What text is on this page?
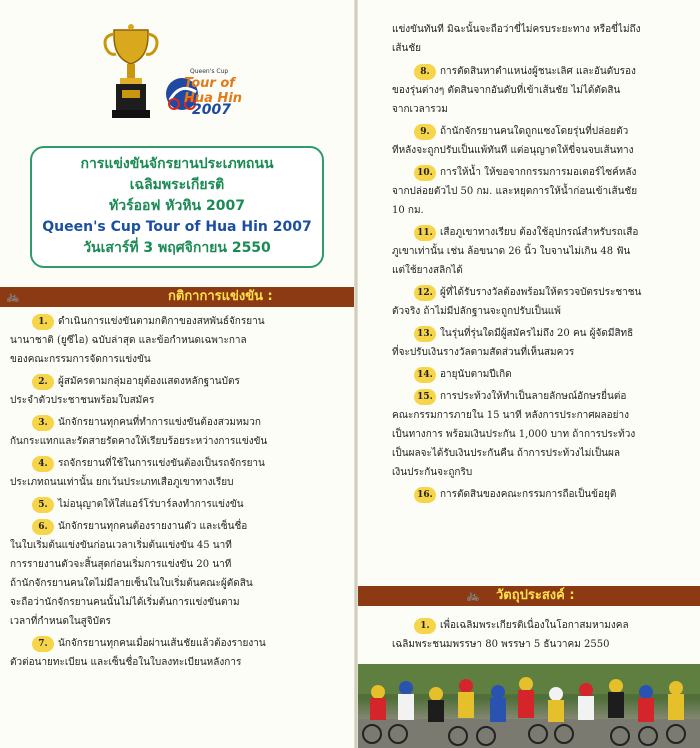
Queen's Cup
Tour of Hua Hin
2007
การแข่งขันจักรยานประเภทถนน
เฉลิมพระเกียรติ
ทัวร์ออฟ หัวหิน 2007
Queen's Cup Tour of Hua Hin 2007
วันเสาร์ที่ 3 พฤศจิกายน 2550
🚲	กติกาการแข่งขัน :
1. ดำเนินการแข่งขันตามกติกาของสหพันธ์จักรยาน
นานาชาติ (ยูซีไอ) ฉบับล่าสุด และข้อกำหนดเฉพาะกาล
ของคณะกรรมการจัดการแข่งขัน
2. ผู้สมัครตามกลุ่มอายุต้องแสดงหลักฐานบัตร
ประจำตัวประชาชนพร้อมใบสมัคร
3. นักจักรยานทุกคนที่ทำการแข่งขันต้องสวมหมวก
กันกระแทกและรัดสายรัดคางให้เรียบร้อยระหว่างการแข่งขัน
4. รถจักรยานที่ใช้ในการแข่งขันต้องเป็นรถจักรยาน
ประเภทถนนเท่านั้น ยกเว้นประเภทเสือภูเขาทางเรียบ
5. ไม่อนุญาตให้ใส่แอร์โร่บาร์ลงทำการแข่งขัน
6. นักจักรยานทุกคนต้องรายงานตัว และเซ็นชื่อ
ในใบเริ่มต้นแข่งขันก่อนเวลาเริ่มต้นแข่งขัน 45 นาที
การรายงานตัวจะสิ้นสุดก่อนเริ่มการแข่งขัน 20 นาที
ถ้านักจักรยานคนใดไม่มีลายเซ็นในใบเริ่มต้นคณะผู้ตัดสิน
จะถือว่านักจักรยานคนนั้นไม่ได้เริ่มต้นการแข่งขันตาม
เวลาที่กำหนดในสูจิบัตร
7. นักจักรยานทุกคนเมื่อผ่านเส้นชัยแล้วต้องรายงาน
ตัวต่อนายทะเบียน และเซ็นชื่อในใบลงทะเบียนหลังการ
แข่งขันทันที มิฉะนั้นจะถือว่าขี่ไม่ครบระยะทาง หรือขี่ไม่ถึง
เส้นชัย
8. การตัดสินหาตำแหน่งผู้ชนะเลิศ และอันดับรอง
ของรุ่นต่างๆ ตัดสินจากอันดับที่เข้าเส้นชัย ไม่ได้ตัดสิน
จากเวลารวม
9. ถ้านักจักรยานคนใดถูกแซงโดยรุ่นที่ปล่อยตัว
ทีหลังจะถูกปรับเป็นแพ้ทันที แต่อนุญาตให้ขี่จนจบเส้นทาง
10. การให้น้ำ ให้ขอจากกรรมการมอเตอร์ไซค์หลัง
จากปล่อยตัวไป 50 กม. และหยุดการให้น้ำก่อนเข้าเส้นชัย
10 กม.
11. เสือภูเขาทางเรียบ ต้องใช้อุปกรณ์สำหรับรถเสือ
ภูเขาเท่านั้น เช่น ล้อขนาด 26 นิ้ว ใบจานไม่เกิน 48 ฟัน
แต่ใช้ยางสลิกได้
12. ผู้ที่ได้รับรางวัลต้องพร้อมให้ตรวจบัตรประชาชน
ตัวจริง ถ้าไม่มีปลักฐานจะถูกปรับเป็นแพ้
13. ในรุ่นที่รุ่นใดมีผู้สมัครไม่ถึง 20 คน ผู้จัดมีสิทธิ
ที่จะปรับเงินรางวัลตามสัดส่วนที่เห็นสมควร
14. อายุนับตามปีเกิด
15. การประท้วงให้ทำเป็นลายลักษณ์อักษรยื่นต่อ
คณะกรรมการภายใน 15 นาที หลังการประกาศผลอย่าง
เป็นทางการ พร้อมเงินประกัน 1,000 บาท ถ้าการประท้วง
เป็นผลจะได้รับเงินประกันคืน ถ้าการประท้วงไม่เป็นผล
เงินประกันจะถูกริบ
16. การตัดสินของคณะกรรมการถือเป็นข้อยุติ
🚲 วัตถุประสงค์ :
1. เพื่อเฉลิมพระเกียรติเนื่องในโอกาสมหามงคล
เฉลิมพระชนมพรรษา 80 พรรษา 5 ธันวาคม 2550
